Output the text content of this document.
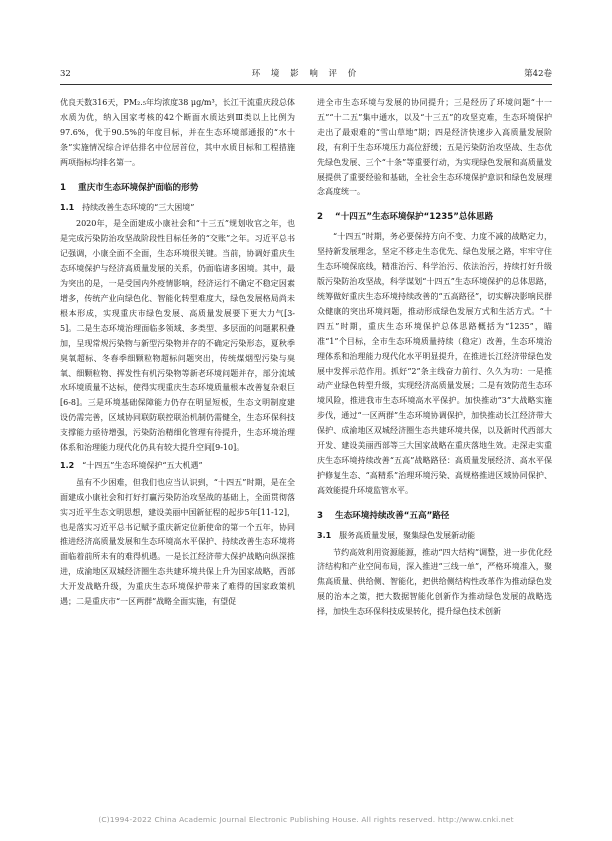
32	环 境 影 响 评 价	第42卷

优良天数316天，PM₂.₅年均浓度38 μg/m³，长江干流重庆段总体水质为优，纳入国家考核的42个断面水质达到Ⅲ类以上比例为97.6%，优于90.5%的年度目标，并在生态环境部通报的“水十条”实施情况综合评估排名中位居首位，其中水质目标和工程措施两项指标均排名第一。

1 重庆市生态环境保护面临的形势
1.1 持续改善生态环境的“三大困境”

2020年，是全面建成小康社会和“十三五”规划收官之年，也是完成污染防治攻坚战阶段性目标任务的“交账”之年。习近平总书记强调，小康全面不全面，生态环境很关键。当前，协调好重庆生态环境保护与经济高质量发展的关系，仍面临诸多困境。其中，最为突出的是，一是受国内外疫情影响，经济运行不确定不稳定因素增多，传统产业向绿色化、智能化转型难度大，绿色发展格局尚未根本形成，实现重庆市绿色发展、高质量发展要下更大力气[3-5]。二是生态环境治理面临多领域、多类型、多层面的问题累积叠加，呈现常规污染物与新型污染物并存的不确定污染形态，夏秋季臭氧超标、冬春季细颗粒物超标问题突出，传统煤烟型污染与臭氧、细颗粒物、挥发性有机污染物等新老环境问题并存，部分流域水环境质量不达标，使得实现重庆生态环境质量根本改善复杂艰巨[6-8]。三是环境基础保障能力仍存在明显短板，生态文明制度建设仍需完善，区域协同联防联控联治机制仍需健全，生态环保科技支撑能力亟待增强，污染防治精细化管理有待提升，生态环境治理体系和治理能力现代化仍具有较大提升空间[9-10]。

1.2 “十四五”生态环境保护“五大机遇”

虽有不少困难，但我们也应当认识到，“十四五”时期，是在全面建成小康社会和打好打赢污染防治攻坚战的基础上，全面贯彻落实习近平生态文明思想，建设美丽中国新征程的起步5年[11-12]，也是落实习近平总书记赋予重庆新定位新使命的第一个五年，协同推进经济高质量发展和生态环境高水平保护、持续改善生态环境将面临着前所未有的难得机遇。一是长江经济带大保护战略向纵深推进，成渝地区双城经济圈生态共建环境共保上升为国家战略，西部大开发战略升级，为重庆生态环境保护带来了难得的国家政策机遇；二是重庆市“一区两群”战略全面实施，有望促

进全市生态环境与发展的协同提升；三是经历了环境问题“十一五”“十二五”集中通水，以及“十三五”的攻坚克难，生态环境保护走出了最艰难的“雪山草地”期；四是经济快速步入高质量发展阶段，有利于生态环境压力高位舒缓；五是污染防治攻坚战、生态优先绿色发展、三个“十条”等重要行动，为实现绿色发展和高质量发展提供了重要经验和基础，全社会生态环境保护意识和绿色发展理念高度统一。

2 “十四五”生态环境保护“1235”总体思路

“十四五”时期，务必要保持方向不变、力度不减的战略定力，坚持新发展理念，坚定不移走生态优先、绿色发展之路，牢牢守住生态环境保底线，精准治污、科学治污、依法治污，持续打好升级版污染防治攻坚战，科学谋划“十四五”生态环境保护的总体思路，统筹做好重庆生态环境持续改善的“五高路径”，切实解决影响民群众健康的突出环境问题，推动形成绿色发展方式和生活方式。“十四五”时期，重庆生态环境保护总体思路概括为“1235”，瞄准“1”个目标，全市生态环境质量持续（稳定）改善，生态环境治理体系和治理能力现代化水平明显提升，在推进长江经济带绿色发展中发挥示范作用。抓好“2”条主线奋力前行、久久为功：一是推动产业绿色转型升级，实现经济高质量发展；二是有效防范生态环境风险，推进我市生态环境高水平保护。加快推动“3”大战略实施步伐，通过“一区两群”生态环境协调保护，加快推动长江经济带大保护、成渝地区双城经济圈生态共建环境共保，以及新时代西部大开发、建设美丽西部等三大国家战略在重庆落地生效。走深走实重庆生态环境持续改善“五高”战略路径：高质量发展经济、高水平保护修复生态、“高精系”治理环境污染、高规格推进区域协同保护、高效能提升环境监管水平。

3 生态环境持续改善“五高”路径
3.1 服务高质量发展，聚集绿色发展新动能

节约高效利用资源能源，推动“四大结构”调整，进一步优化经济结构和产业空间布局，深入推进“三线一单”，严格环境准入，聚焦高质量、供给侧、智能化，把供给侧结构性改革作为推动绿色发展的治本之策，把大数据智能化创新作为推动绿色发展的战略选择，加快生态环保科技成果转化，提升绿色技术创新

(C)1994-2022 China Academic Journal Electronic Publishing House. All rights reserved. http://www.cnki.net
